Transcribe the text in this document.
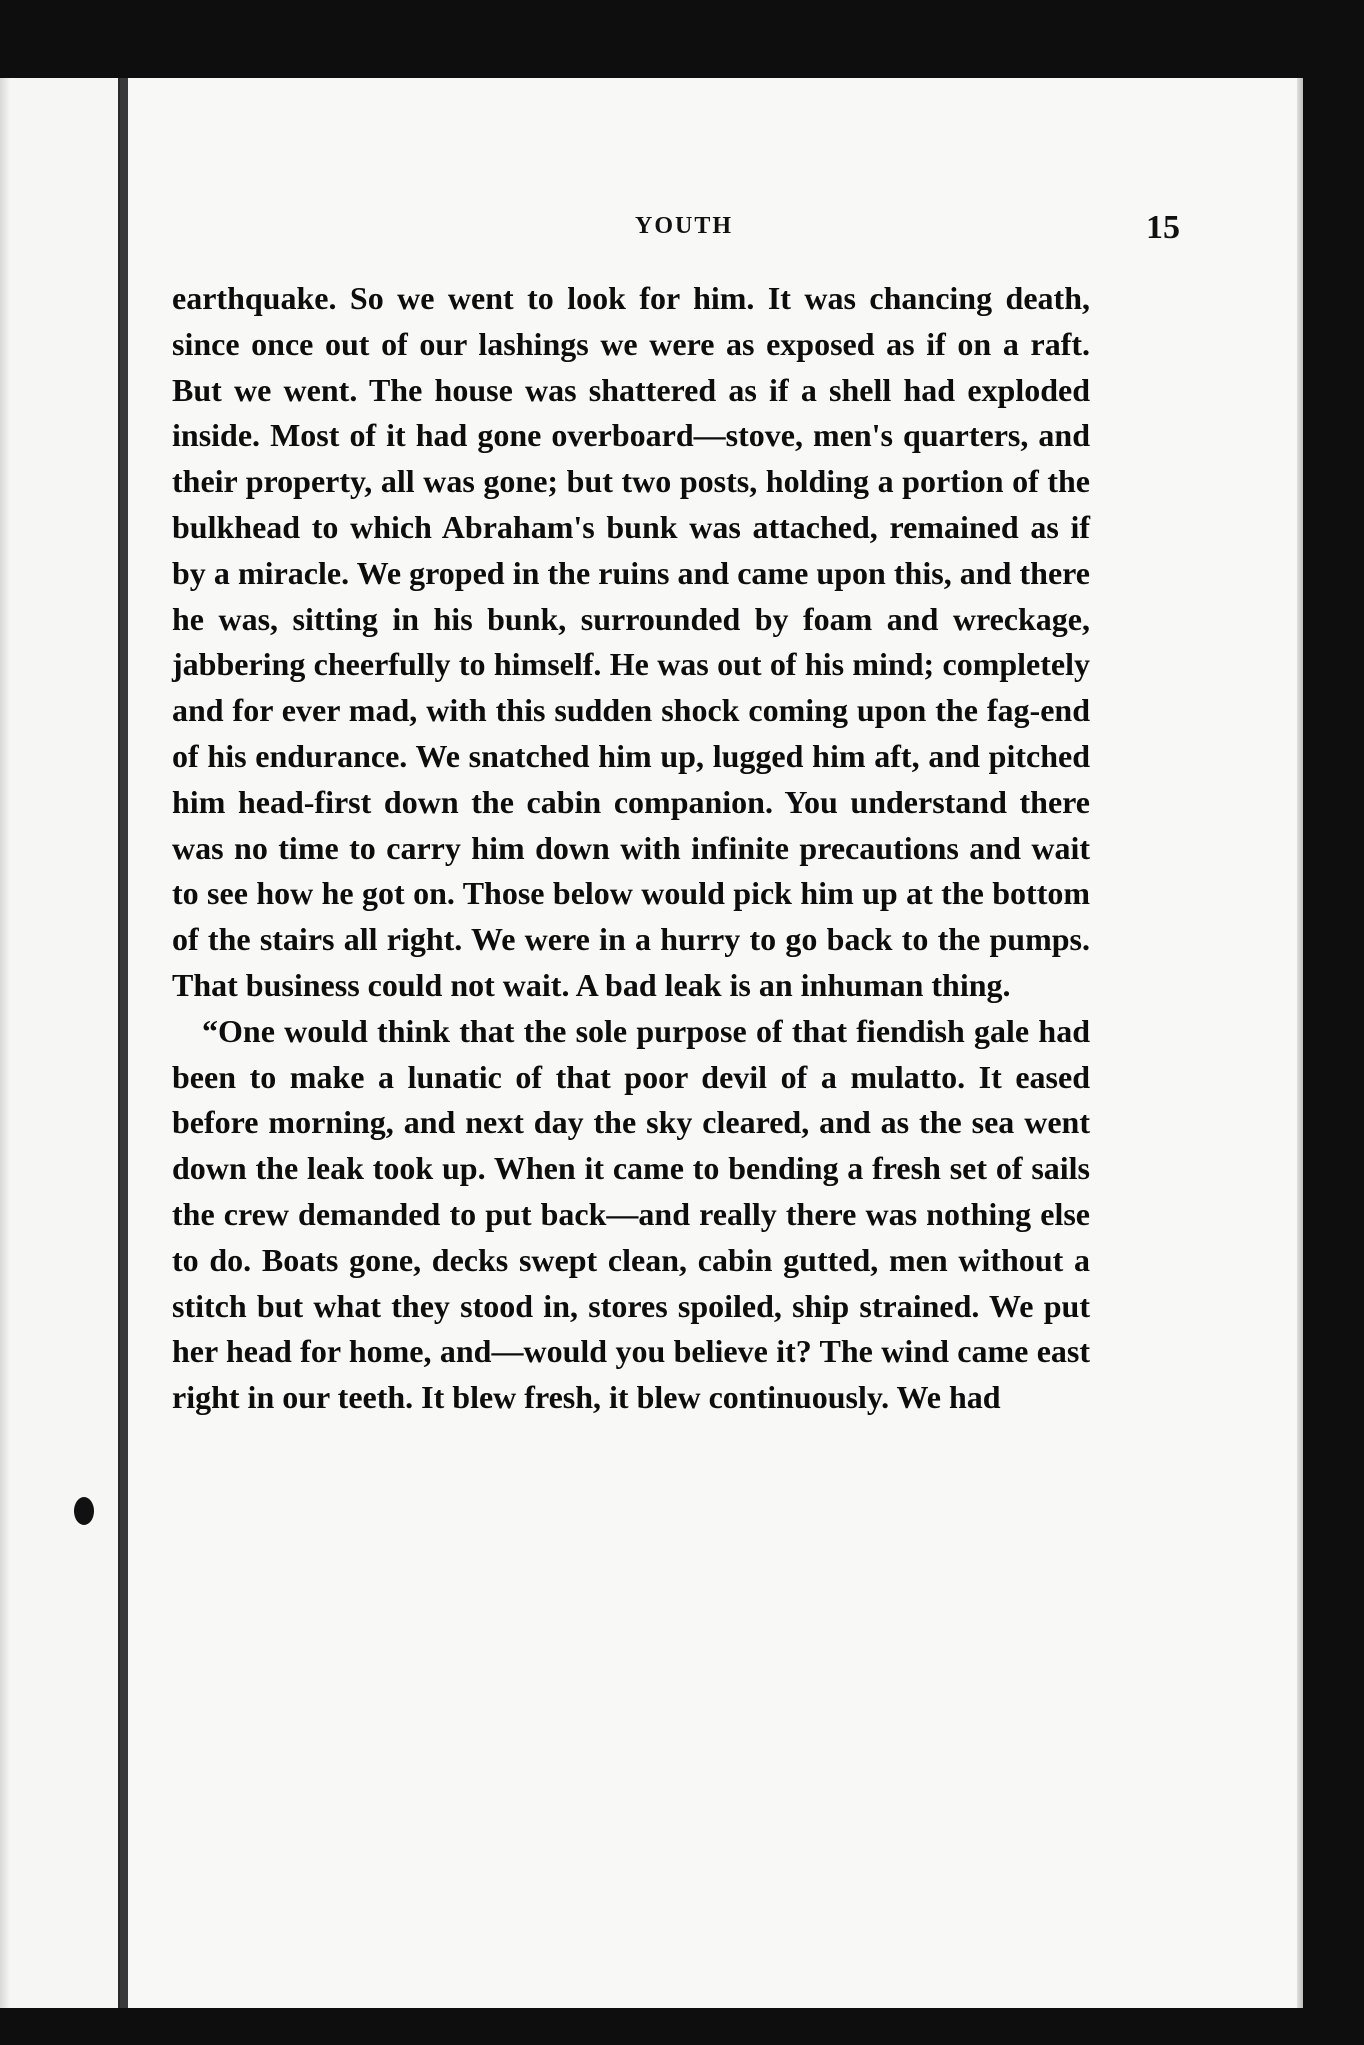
YOUTH	15

earthquake. So we went to look for him. It was chancing death, since once out of our lashings we were as exposed as if on a raft. But we went. The house was shattered as if a shell had exploded inside. Most of it had gone overboard—stove, men's quarters, and their property, all was gone; but two posts, holding a portion of the bulkhead to which Abraham's bunk was attached, remained as if by a miracle. We groped in the ruins and came upon this, and there he was, sitting in his bunk, surrounded by foam and wreckage, jabbering cheerfully to himself. He was out of his mind; completely and for ever mad, with this sudden shock coming upon the fag-end of his endurance. We snatched him up, lugged him aft, and pitched him head-first down the cabin companion. You understand there was no time to carry him down with infinite precautions and wait to see how he got on. Those below would pick him up at the bottom of the stairs all right. We were in a hurry to go back to the pumps. That business could not wait. A bad leak is an inhuman thing.

“One would think that the sole purpose of that fiendish gale had been to make a lunatic of that poor devil of a mulatto. It eased before morning, and next day the sky cleared, and as the sea went down the leak took up. When it came to bending a fresh set of sails the crew demanded to put back—and really there was nothing else to do. Boats gone, decks swept clean, cabin gutted, men without a stitch but what they stood in, stores spoiled, ship strained. We put her head for home, and—would you believe it? The wind came east right in our teeth. It blew fresh, it blew continuously. We had
